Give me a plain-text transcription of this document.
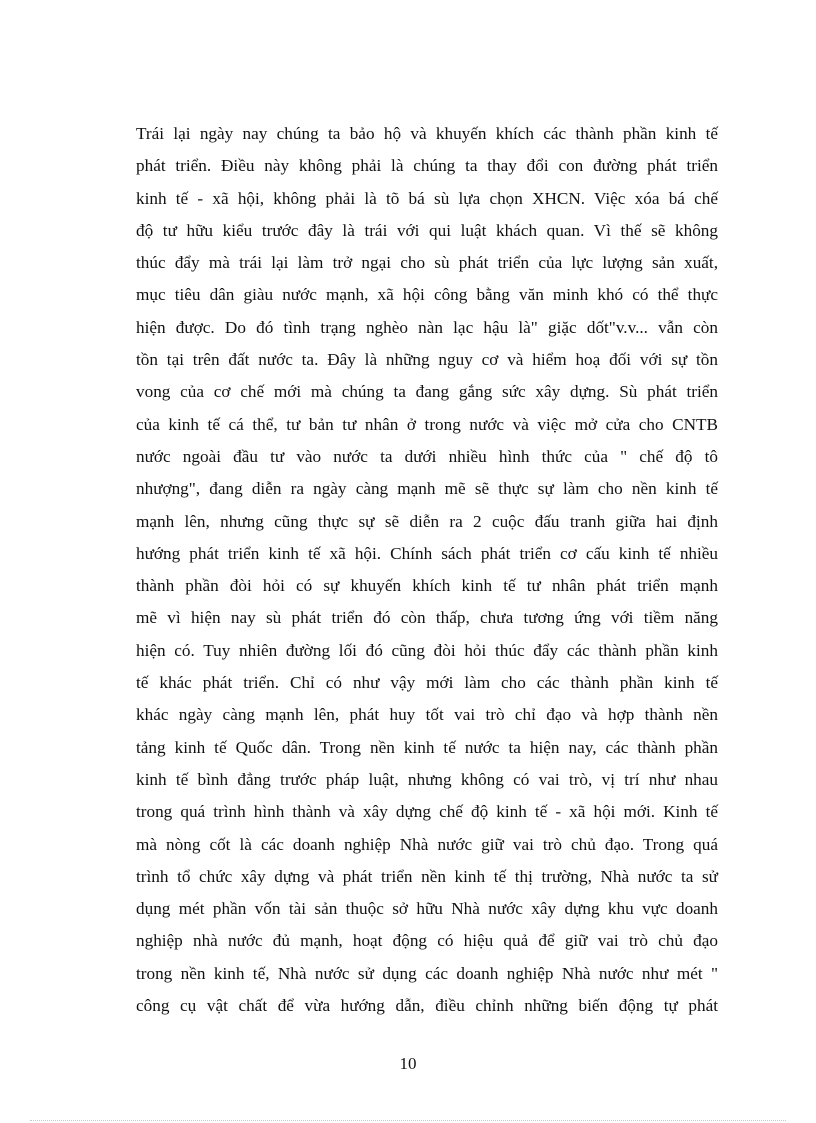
Trái lại ngày nay chúng ta bảo hộ và khuyến khích các thành phần kinh tế
phát triển. Điều này không phải là chúng ta thay đổi con đường phát triển
kinh tế - xã hội, không phải là tõ bá sù lựa chọn XHCN. Việc xóa bá chế
độ tư hữu kiểu trước đây là trái với qui luật khách quan. Vì thế sẽ không
thúc đẩy mà trái lại làm trở ngại cho sù phát triển của lực lượng sản xuất,
mục tiêu dân giàu nước mạnh, xã hội công bằng văn minh khó có thể thực
hiện được. Do đó tình trạng nghèo nàn lạc hậu là" giặc dốt"v.v... vẫn còn
tồn tại trên đất nước ta. Đây là những nguy cơ và hiểm hoạ đối với sự tồn
vong của cơ chế mới mà chúng ta đang gắng sức xây dựng. Sù phát triển
của kinh tế cá thể, tư bản tư nhân ở trong nước và việc mở cửa cho CNTB
nước ngoài đầu tư vào nước ta dưới nhiều hình thức của " chế độ tô
nhượng", đang diễn ra ngày càng mạnh mẽ sẽ thực sự làm cho nền kinh tế
mạnh lên, nhưng cũng thực sự sẽ diễn ra 2 cuộc đấu tranh giữa hai định
hướng phát triển kinh tế xã hội. Chính sách phát triển cơ cấu kinh tế nhiều
thành phần đòi hỏi có sự khuyến khích kinh tế tư nhân phát triển mạnh
mẽ vì hiện nay sù phát triển đó còn thấp, chưa tương ứng với tiềm năng
hiện có. Tuy nhiên đường lối đó cũng đòi hỏi thúc đẩy các thành phần kinh
tế khác phát triển. Chỉ có như vậy mới làm cho các thành phần kinh tế
khác ngày càng mạnh lên, phát huy tốt vai trò chỉ đạo và hợp thành nền
tảng kinh tế Quốc dân. Trong nền kinh tế nước ta hiện nay, các thành phần
kinh tế bình đẳng trước pháp luật, nhưng không có vai trò, vị trí như nhau
trong quá trình hình thành và xây dựng chế độ kinh tế - xã hội mới. Kinh tế
mà nòng cốt là các doanh nghiệp Nhà nước giữ vai trò chủ đạo. Trong quá
trình tổ chức xây dựng và phát triển nền kinh tế thị trường, Nhà nước ta sử
dụng mét phần vốn tài sản thuộc sở hữu Nhà nước xây dựng khu vực doanh
nghiệp nhà nước đủ mạnh, hoạt động có hiệu quả để giữ vai trò chủ đạo
trong nền kinh tế, Nhà nước sử dụng các doanh nghiệp Nhà nước như mét "
công cụ vật chất để vừa hướng dẫn, điều chỉnh những biến động tự phát
10
